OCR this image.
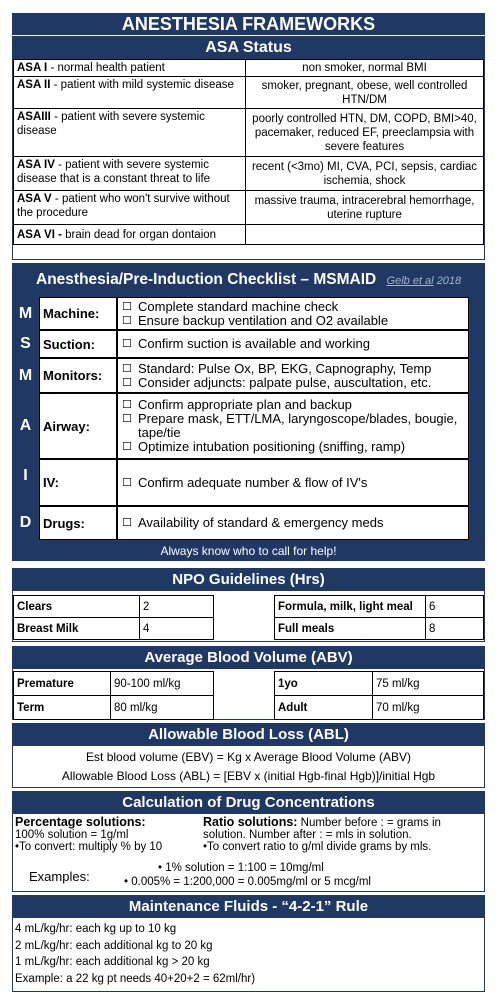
ANESTHESIA FRAMEWORKS
ASA Status
ASA I - normal health patient	non smoker, normal BMI
ASA II - patient with mild systemic disease	smoker, pregnant, obese, well controlled HTN/DM
ASAIII - patient with severe systemic disease	poorly controlled HTN, DM, COPD, BMI>40, pacemaker, reduced EF, preeclampsia with severe features
ASA IV - patient with severe systemic disease that is a constant threat to life	recent (<3mo) MI, CVA, PCI, sepsis, cardiac ischemia, shock
ASA V - patient who won't survive without the procedure	massive trauma, intracerebral hemorrhage, uterine rupture
ASA VI - brain dead for organ dontaion	
Anesthesia/Pre-Induction Checklist – MSMAID Gelb et al 2018
M Machine:	☐ Complete standard machine check
☐ Ensure backup ventilation and O2 available
S Suction:	☐ Confirm suction is available and working
M Monitors:	☐ Standard: Pulse Ox, BP, EKG, Capnography, Temp
☐ Consider adjuncts: palpate pulse, auscultation, etc.
A Airway:
☐ Confirm appropriate plan and backup
☐ Prepare mask, ETT/LMA, laryngoscope/blades, bougie, tape/tie
☐ Optimize intubation positioning (sniffing, ramp)
I	IV:	☐ Confirm adequate number & flow of IV's
D Drugs:	☐ Availability of standard & emergency meds
Always know who to call for help!
NPO Guidelines (Hrs)
Clears	2
Breast Milk	4
Formula, milk, light meal	6
Full meals	8
Average Blood Volume (ABV)
Premature	90-100 ml/kg
Term	80 ml/kg
1yo	75 ml/kg
Adult	70 ml/kg
Allowable Blood Loss (ABL)
Est blood volume (EBV) = Kg x Average Blood Volume (ABV)
Allowable Blood Loss (ABL) = [EBV x (initial Hgb-final Hgb)]/initial Hgb
Calculation of Drug Concentrations
Percentage solutions:
100% solution = 1g/ml
•To convert: multiply % by 10
Ratio solutions: Number before : = grams in
solution. Number after : = mls in solution.
•To convert ratio to g/ml divide grams by mls.
Examples:
• 1% solution = 1:100 = 10mg/ml
• 0.005% = 1:200,000 = 0.005mg/ml or 5 mcg/ml
Maintenance Fluids - “4-2-1” Rule
4 mL/kg/hr: each kg up to 10 kg
2 mL/kg/hr: each additional kg to 20 kg
1 mL/kg/hr: each additional kg > 20 kg
Example: a 22 kg pt needs 40+20+2 = 62ml/hr)
